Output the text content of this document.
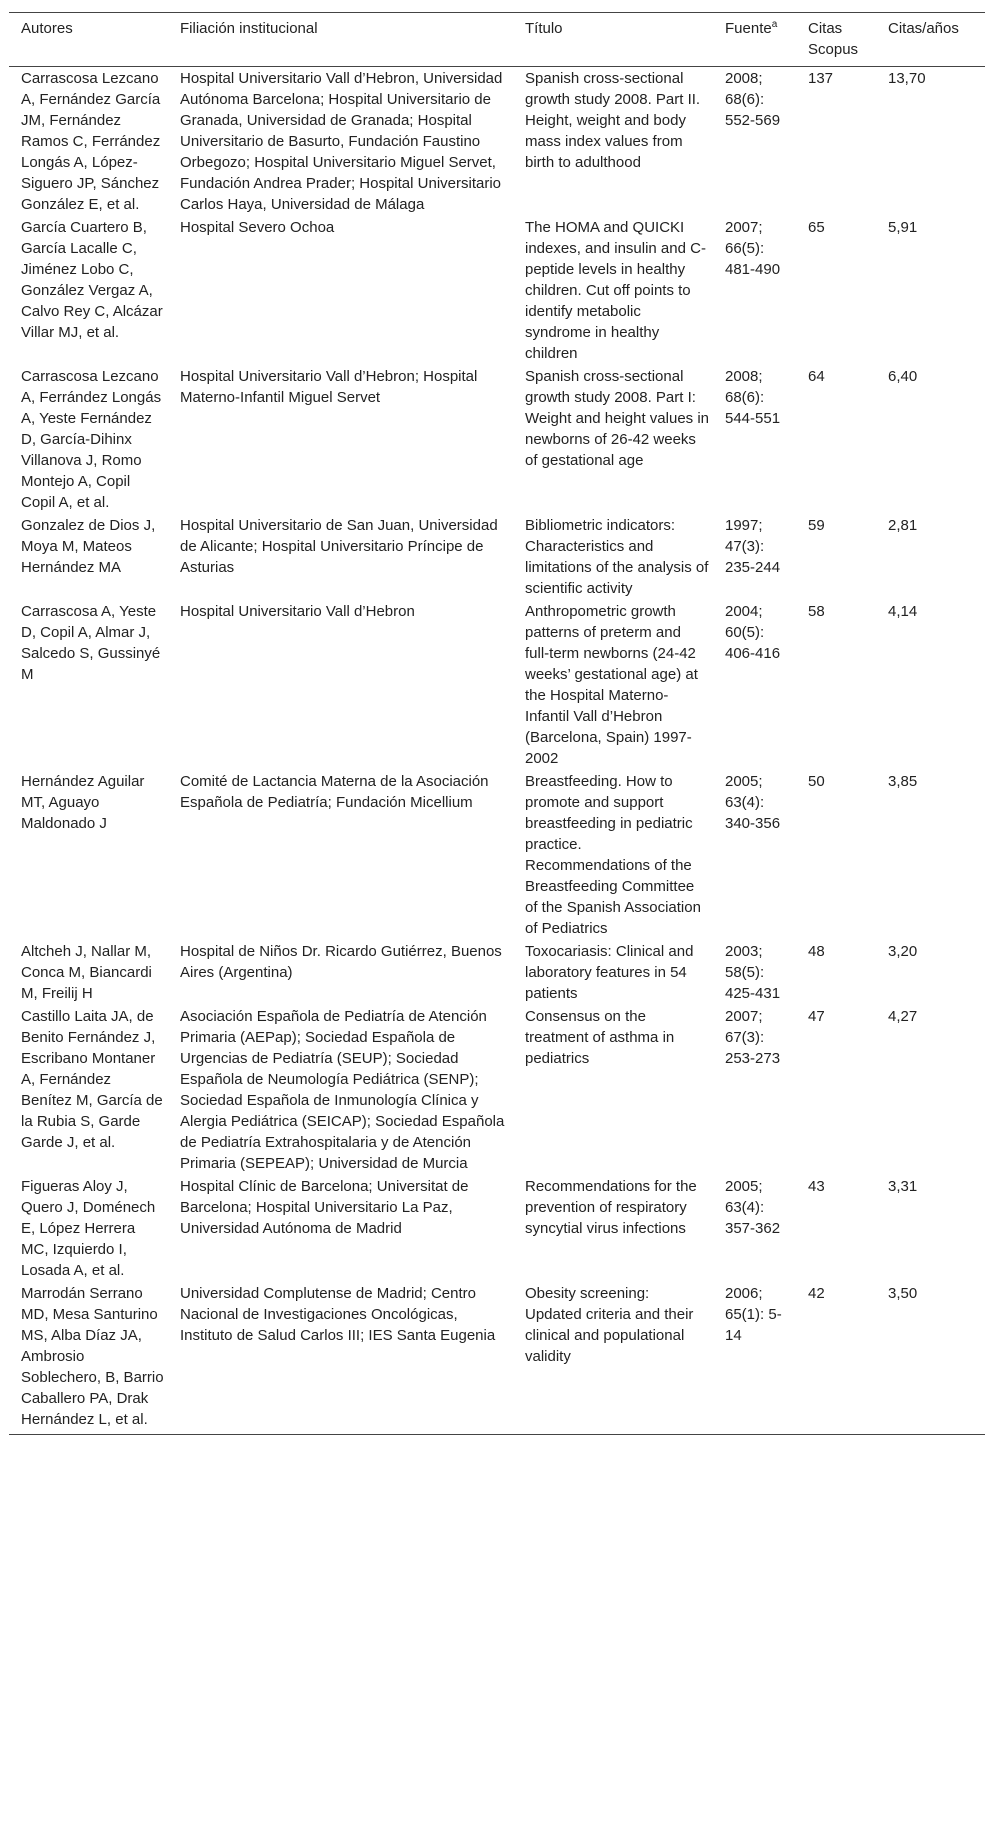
Autores	Filiación institucional	Título	Fuente$^a$	Citas Scopus	Citas/años
Carrascosa Lezcano A, Fernández García JM, Fernández Ramos C, Ferrández Longás A, López-Siguero JP, Sánchez González E, et al.	Hospital Universitario Vall d’Hebron, Universidad Autónoma Barcelona; Hospital Universitario de Granada, Universidad de Granada; Hospital Universitario de Basurto, Fundación Faustino Orbegozo; Hospital Universitario Miguel Servet, Fundación Andrea Prader; Hospital Universitario Carlos Haya, Universidad de Málaga	Spanish cross-sectional growth study 2008. Part II. Height, weight and body mass index values from birth to adulthood	2008; 68(6): 552-569	137	13,70
García Cuartero B, García Lacalle C, Jiménez Lobo C, González Vergaz A, Calvo Rey C, Alcázar Villar MJ, et al.	Hospital Severo Ochoa	The HOMA and QUICKI indexes, and insulin and C-peptide levels in healthy children. Cut off points to identify metabolic syndrome in healthy children	2007; 66(5): 481-490	65	5,91
Carrascosa Lezcano A, Ferrández Longás A, Yeste Fernández D, García-Dihinx Villanova J, Romo Montejo A, Copil Copil A, et al.	Hospital Universitario Vall d’Hebron; Hospital Materno-Infantil Miguel Servet	Spanish cross-sectional growth study 2008. Part I: Weight and height values in newborns of 26-42 weeks of gestational age	2008; 68(6): 544-551	64	6,40
Gonzalez de Dios J, Moya M, Mateos Hernández MA	Hospital Universitario de San Juan, Universidad de Alicante; Hospital Universitario Príncipe de Asturias	Bibliometric indicators: Characteristics and limitations of the analysis of scientific activity	1997; 47(3): 235-244	59	2,81
Carrascosa A, Yeste D, Copil A, Almar J, Salcedo S, Gussinyé M	Hospital Universitario Vall d’Hebron	Anthropometric growth patterns of preterm and full-term newborns (24-42 weeks’ gestational age) at the Hospital Materno-Infantil Vall d’Hebron (Barcelona, Spain) 1997-2002	2004; 60(5): 406-416	58	4,14
Hernández Aguilar MT, Aguayo Maldonado J	Comité de Lactancia Materna de la Asociación Española de Pediatría; Fundación Micellium	Breastfeeding. How to promote and support breastfeeding in pediatric practice. Recommendations of the Breastfeeding Committee of the Spanish Association of Pediatrics	2005; 63(4): 340-356	50	3,85
Altcheh J, Nallar M, Conca M, Biancardi M, Freilij H	Hospital de Niños Dr. Ricardo Gutiérrez, Buenos Aires (Argentina)	Toxocariasis: Clinical and laboratory features in 54 patients	2003; 58(5): 425-431	48	3,20
Castillo Laita JA, de Benito Fernández J, Escribano Montaner A, Fernández Benítez M, García de la Rubia S, Garde Garde J, et al.	Asociación Española de Pediatría de Atención Primaria (AEPap); Sociedad Española de Urgencias de Pediatría (SEUP); Sociedad Española de Neumología Pediátrica (SENP); Sociedad Española de Inmunología Clínica y Alergia Pediátrica (SEICAP); Sociedad Española de Pediatría Extrahospitalaria y de Atención Primaria (SEPEAP); Universidad de Murcia	Consensus on the treatment of asthma in pediatrics	2007; 67(3): 253-273	47	4,27
Figueras Aloy J, Quero J, Doménech E, López Herrera MC, Izquierdo I, Losada A, et al.	Hospital Clínic de Barcelona; Universitat de Barcelona; Hospital Universitario La Paz, Universidad Autónoma de Madrid	Recommendations for the prevention of respiratory syncytial virus infections	2005; 63(4): 357-362	43	3,31
Marrodán Serrano MD, Mesa Santurino MS, Alba Díaz JA, Ambrosio Soblechero, B, Barrio Caballero PA, Drak Hernández L, et al.	Universidad Complutense de Madrid; Centro Nacional de Investigaciones Oncológicas, Instituto de Salud Carlos III; IES Santa Eugenia	Obesity screening: Updated criteria and their clinical and populational validity	2006; 65(1): 5-14	42	3,50
